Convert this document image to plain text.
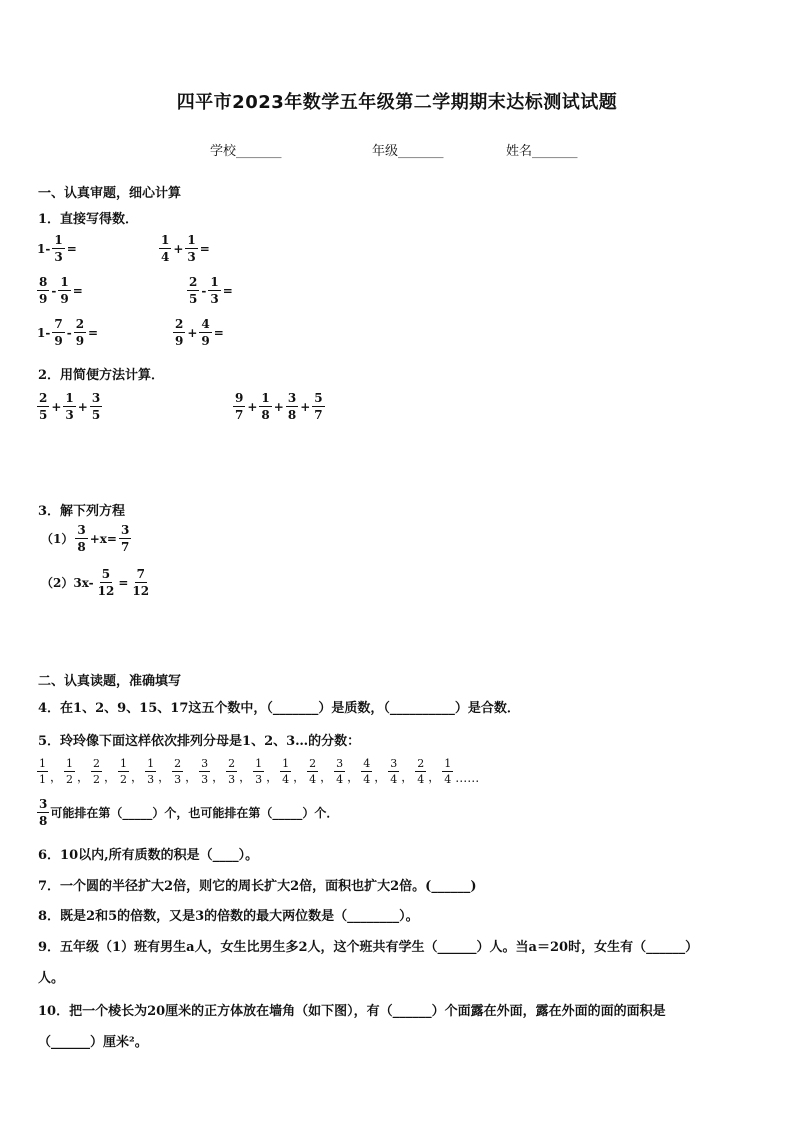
四平市2023年数学五年级第二学期期末达标测试试题
学校_______	年级_______	姓名_______
一、认真审题，细心计算
1．直接写得数．
$1- \frac{1}{3}$ =	$\frac{1}{4} + \frac{1}{3}$ =
$\frac{8}{9} - \frac{1}{9}$ =	$\frac{2}{5} - \frac{1}{3}$ =
$1- \frac{7}{9} - \frac{2}{9}$ =	$\frac{2}{9} + \frac{4}{9}$ =
2．用简便方法计算．
$\frac{2}{5} + \frac{1}{3} + \frac{3}{5}$	$\frac{9}{7} + \frac{1}{8} + \frac{3}{8} + \frac{5}{7}$
3．解下列方程
$(1) \frac{3}{8} +x= \frac{3}{7}$
$(2)3x- \frac{5}{12} = \frac{7}{12}$
二、认真读题，准确填写
4．在1、2、9、15、17这五个数中，（_______）是质数，（__________）是合数．
5．玲玲像下面这样依次排列分母是1、2、3…的分数：
$\frac{1}{1}$ ， $\frac{1}{2}$ ， $\frac{2}{2}$ ， $\frac{1}{2}$ ， $\frac{1}{3}$ ， $\frac{2}{3}$ ， $\frac{3}{3}$ ， $\frac{2}{3}$ ， $\frac{1}{3}$ ， $\frac{1}{4}$ ， $\frac{2}{4}$ ， $\frac{3}{4}$ ， $\frac{4}{4}$ ， $\frac{3}{4}$ ， $\frac{2}{4}$ ， $\frac{1}{4}$ ……
$\frac{3}{8}$ 可能排在第（_____）个，也可能排在第（_____）个．
6．10以内,所有质数的积是（____）。
7．一个圆的半径扩大2倍，则它的周长扩大2倍，面积也扩大2倍。(______)
8．既是2和5的倍数，又是3的倍数的最大两位数是（________）。
9．五年级（1）班有男生a人，女生比男生多2人，这个班共有学生（______）人。当a＝20时，女生有（______）
人。
10．把一个棱长为20厘米的正方体放在墙角（如下图），有（______）个面露在外面，露在外面的面的面积是
（______）厘米²。
